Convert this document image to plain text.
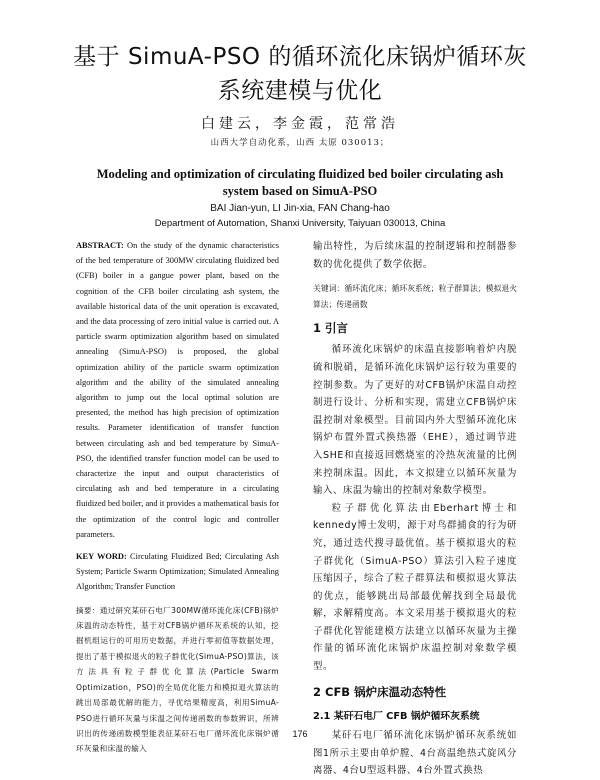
基于 SimuA-PSO 的循环流化床锅炉循环灰
系统建模与优化
白建云，李金霞，范常浩
山西大学自动化系，山西 太原 030013；
Modeling and optimization of circulating fluidized bed boiler circulating ash
system based on SimuA-PSO
BAI Jian-yun, LI Jin-xia, FAN Chang-hao
Department of Automation, Shanxi University, Taiyuan 030013, China

ABSTRACT: On the study of the dynamic characteristics of the bed temperature of 300MW circulating fluidized bed (CFB) boiler in a gangue power plant, based on the cognition of the CFB boiler circulating ash system, the available historical data of the unit operation is excavated, and the data processing of zero initial value is carried out. A particle swarm optimization algorithm based on simulated annealing (SimuA-PSO) is proposed, the global optimization ability of the particle swarm optimization algorithm and the ability of the simulated annealing algorithm to jump out the local optimal solution are presented, the method has high precision of optimization results. Parameter identification of transfer function between circulating ash and bed temperature by SimuA-PSO, the identified transfer function model can be used to characterize the input and output characteristics of circulating ash and bed temperature in a circulating fluidized bed boiler, and it provides a mathematical basis for the optimization of the control logic and controller parameters.

KEY WORD: Circulating Fluidized Bed; Circulating Ash System; Particle Swarm Optimization; Simulated Annealing Algorithm; Transfer Function

摘要：通过研究某矸石电厂300MW循环流化床(CFB)锅炉床温的动态特性，基于对CFB锅炉循环灰系统的认知，挖掘机组运行的可用历史数据，并进行零初值等数据处理，提出了基于模拟退火的粒子群优化(SimuA-PSO)算法，该方法具有粒子群优化算法(Particle Swarm Optimization，PSO)的全局优化能力和模拟退火算法的跳出局部最优解的能力，寻优结果精度高，利用SimuA-PSO进行循环灰量与床温之间传递函数的参数辨识，所辨识出的传递函数模型能表征某矸石电厂循环流化床锅炉循环灰量和床温的输入

输出特性，为后续床温的控制逻辑和控制器参数的优化提供了数学依据。

关键词：循环流化床；循环灰系统；粒子群算法；模拟退火算法；传递函数

1 引言

循环流化床锅炉的床温直接影响着炉内脱硫和脱硝，是循环流化床锅炉运行较为重要的控制参数。为了更好的对CFB锅炉床温自动控制进行设计、分析和实现，需建立CFB锅炉床温控制对象模型。目前国内外大型循环流化床锅炉布置外置式换热器（EHE），通过调节进入SHE和直接返回燃烧室的冷热灰流量的比例来控制床温。因此，本文拟建立以循环灰量为输入、床温为输出的控制对象数学模型。

粒子群优化算法由Eberhart博士和kennedy博士发明，源于对鸟群捕食的行为研究，通过迭代搜寻最优值。基于模拟退火的粒子群优化（SimuA-PSO）算法引入粒子速度压缩因子，综合了粒子群算法和模拟退火算法的优点，能够跳出局部最优解找到全局最优解，求解精度高。本文采用基于模拟退火的粒子群优化智能建模方法建立以循环灰量为主操作量的循环流化床锅炉床温控制对象数学模型。

2 CFB 锅炉床温动态特性

2.1 某矸石电厂 CFB 锅炉循环灰系统

某矸石电厂循环流化床锅炉循环灰系统如图1所示主要由单炉膛、4台高温绝热式旋风分离器、4台U型返料器、4台外置式换热

176
